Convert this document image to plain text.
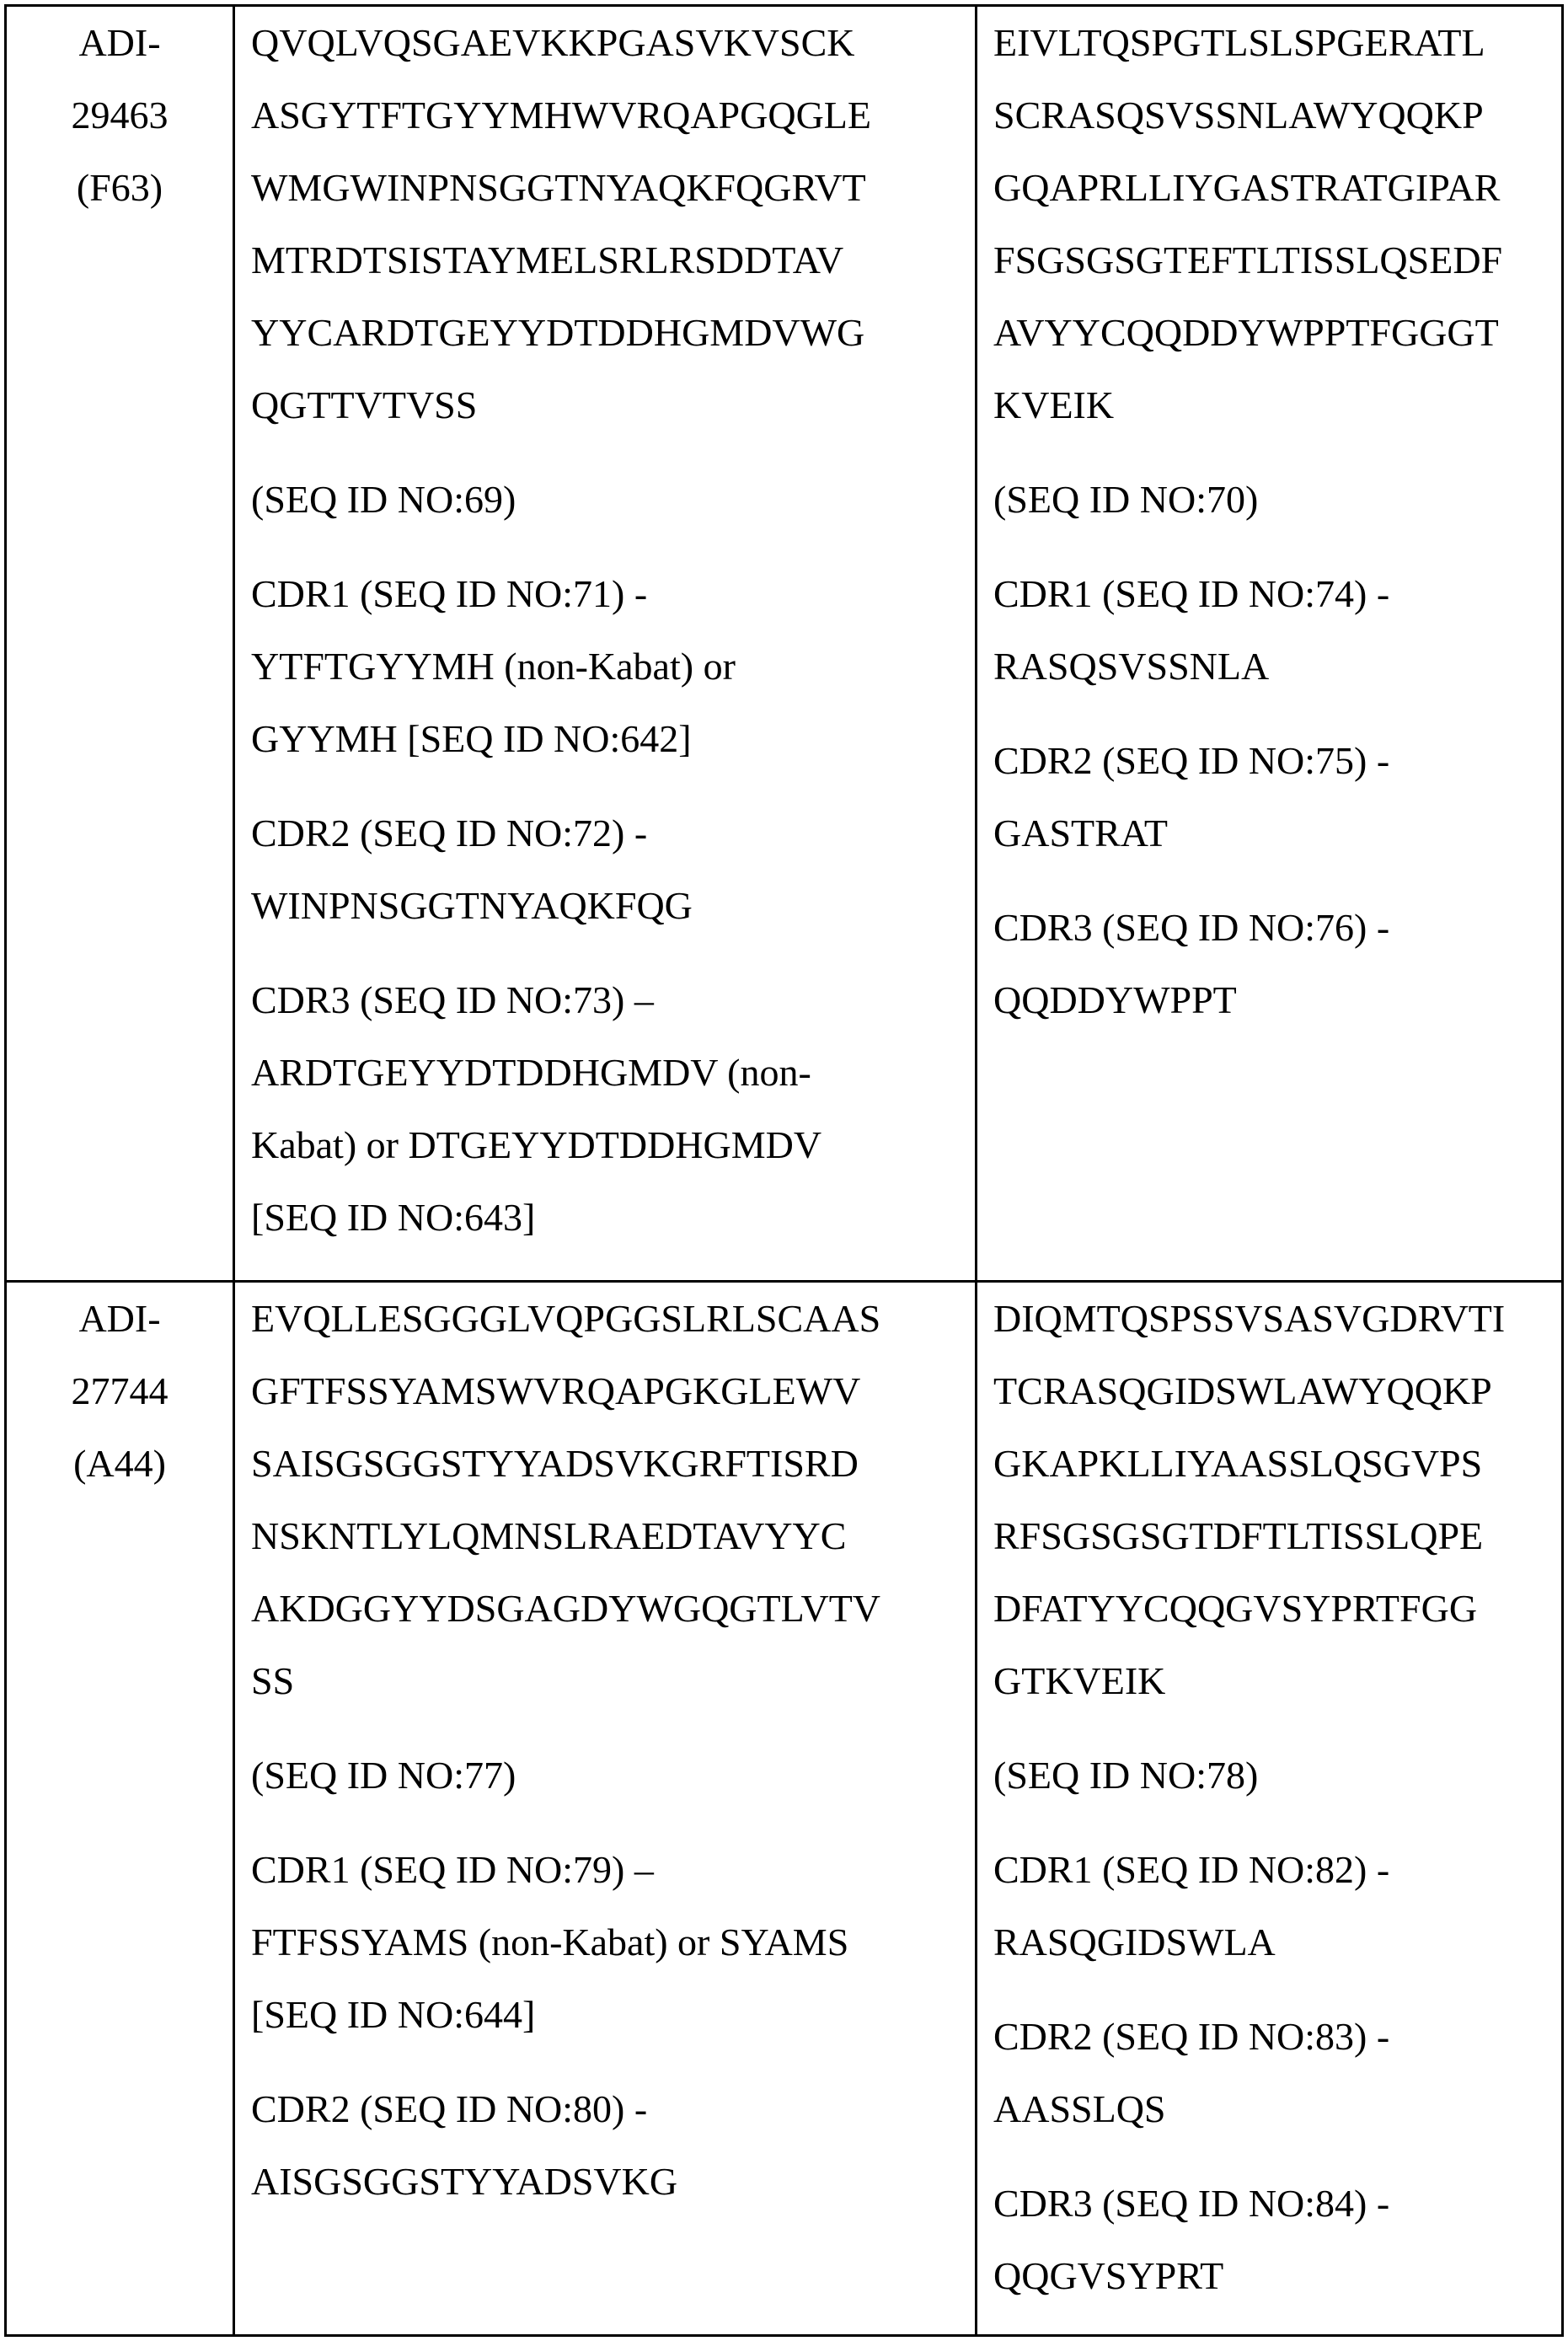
ADI-
29463
(F63)

QVQLVQSGAEVKKPGASVKVSCK
ASGYTFTGYYMHWVRQAPGQGLE
WMGWINPNSGGTNYAQKFQGRVT
MTRDTSISTAYMELSRLRSDDTAV
YYCARDTGEYYDTDDHGMDVWG
QGTTVTVSS
(SEQ ID NO:69)
CDR1 (SEQ ID NO:71) -
YTFTGYYMH (non-Kabat) or
GYYMH [SEQ ID NO:642]
CDR2 (SEQ ID NO:72) -
WINPNSGGTNYAQKFQG
CDR3 (SEQ ID NO:73) –
ARDTGEYYDTDDHGMDV (non-
Kabat) or DTGEYYDTDDHGMDV
[SEQ ID NO:643]

EIVLTQSPGTLSLSPGERATL
SCRASQSVSSNLAWYQQKP
GQAPRLLIYGASTRATGIPAR
FSGSGSGTEFTLTISSLQSEDF
AVYYCQQDDYWPPTFGGGT
KVEIK
(SEQ ID NO:70)
CDR1 (SEQ ID NO:74) -
RASQSVSSNLA
CDR2 (SEQ ID NO:75) -
GASTRAT
CDR3 (SEQ ID NO:76) -
QQDDYWPPT

ADI-
27744
(A44)

EVQLLESGGGLVQPGGSLRLSCAAS
GFTFSSYAMSWVRQAPGKGLEWV
SAISGSGGSTYYADSVKGRFTISRD
NSKNTLYLQMNSLRAEDTAVYYC
AKDGGYYDSGAGDYWGQGTLVTV
SS
(SEQ ID NO:77)
CDR1 (SEQ ID NO:79) –
FTFSSYAMS (non-Kabat) or SYAMS
[SEQ ID NO:644]
CDR2 (SEQ ID NO:80) -
AISGSGGSTYYADSVKG

DIQMTQSPSSVSASVGDRVTI
TCRASQGIDSWLAWYQQKP
GKAPKLLIYAASSLQSGVPS
RFSGSGSGTDFTLTISSLQPE
DFATYYCQQGVSYPRTFGG
GTKVEIK
(SEQ ID NO:78)
CDR1 (SEQ ID NO:82) -
RASQGIDSWLA
CDR2 (SEQ ID NO:83) -
AASSLQS
CDR3 (SEQ ID NO:84) -
QQGVSYPRT
